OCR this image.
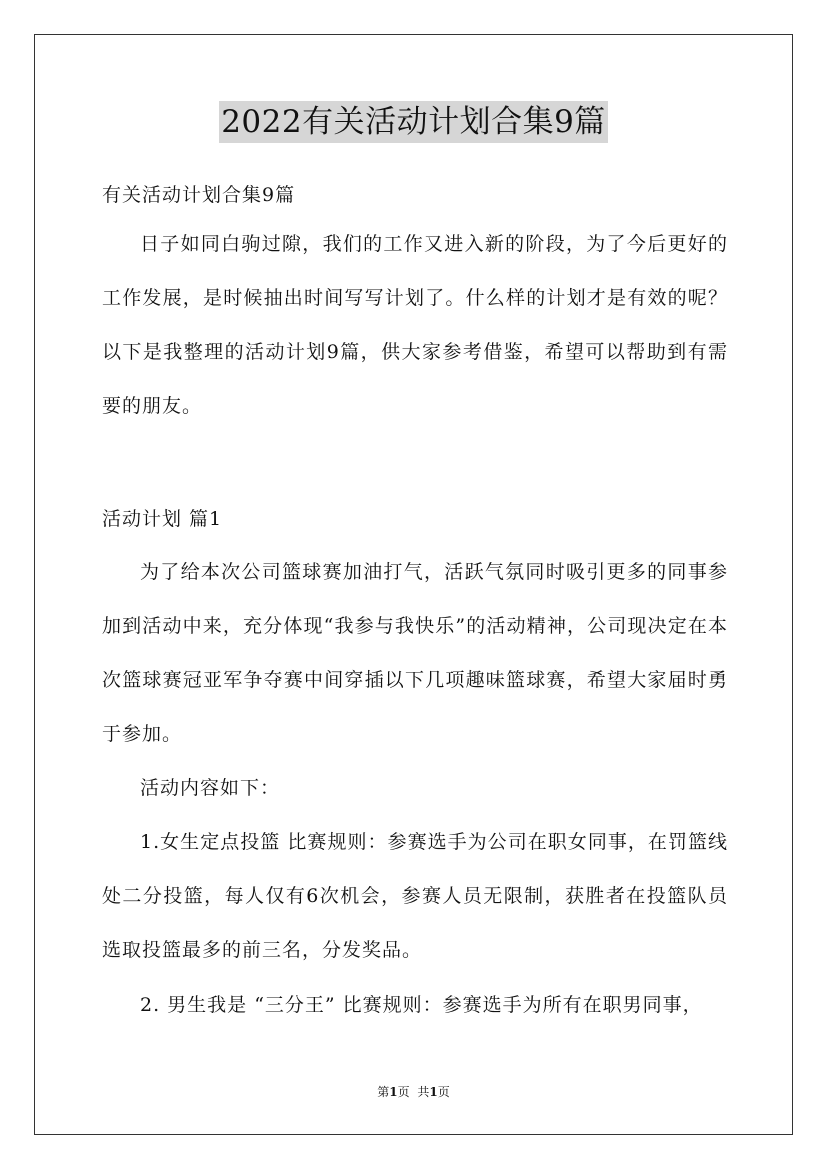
2022有关活动计划合集9篇

有关活动计划合集9篇

日子如同白驹过隙，我们的工作又进入新的阶段，为了今后更好的工作发展，是时候抽出时间写写计划了。什么样的计划才是有效的呢？以下是我整理的活动计划9篇，供大家参考借鉴，希望可以帮助到有需要的朋友。

活动计划 篇1

为了给本次公司篮球赛加油打气，活跃气氛同时吸引更多的同事参加到活动中来，充分体现“我参与我快乐”的活动精神，公司现决定在本次篮球赛冠亚军争夺赛中间穿插以下几项趣味篮球赛，希望大家届时勇于参加。

活动内容如下：

1.女生定点投篮 比赛规则：参赛选手为公司在职女同事，在罚篮线处二分投篮，每人仅有6次机会，参赛人员无限制，获胜者在投篮队员选取投篮最多的前三名，分发奖品。

2. 男生我是 “三分王” 比赛规则：参赛选手为所有在职男同事，

第1页 共1页
